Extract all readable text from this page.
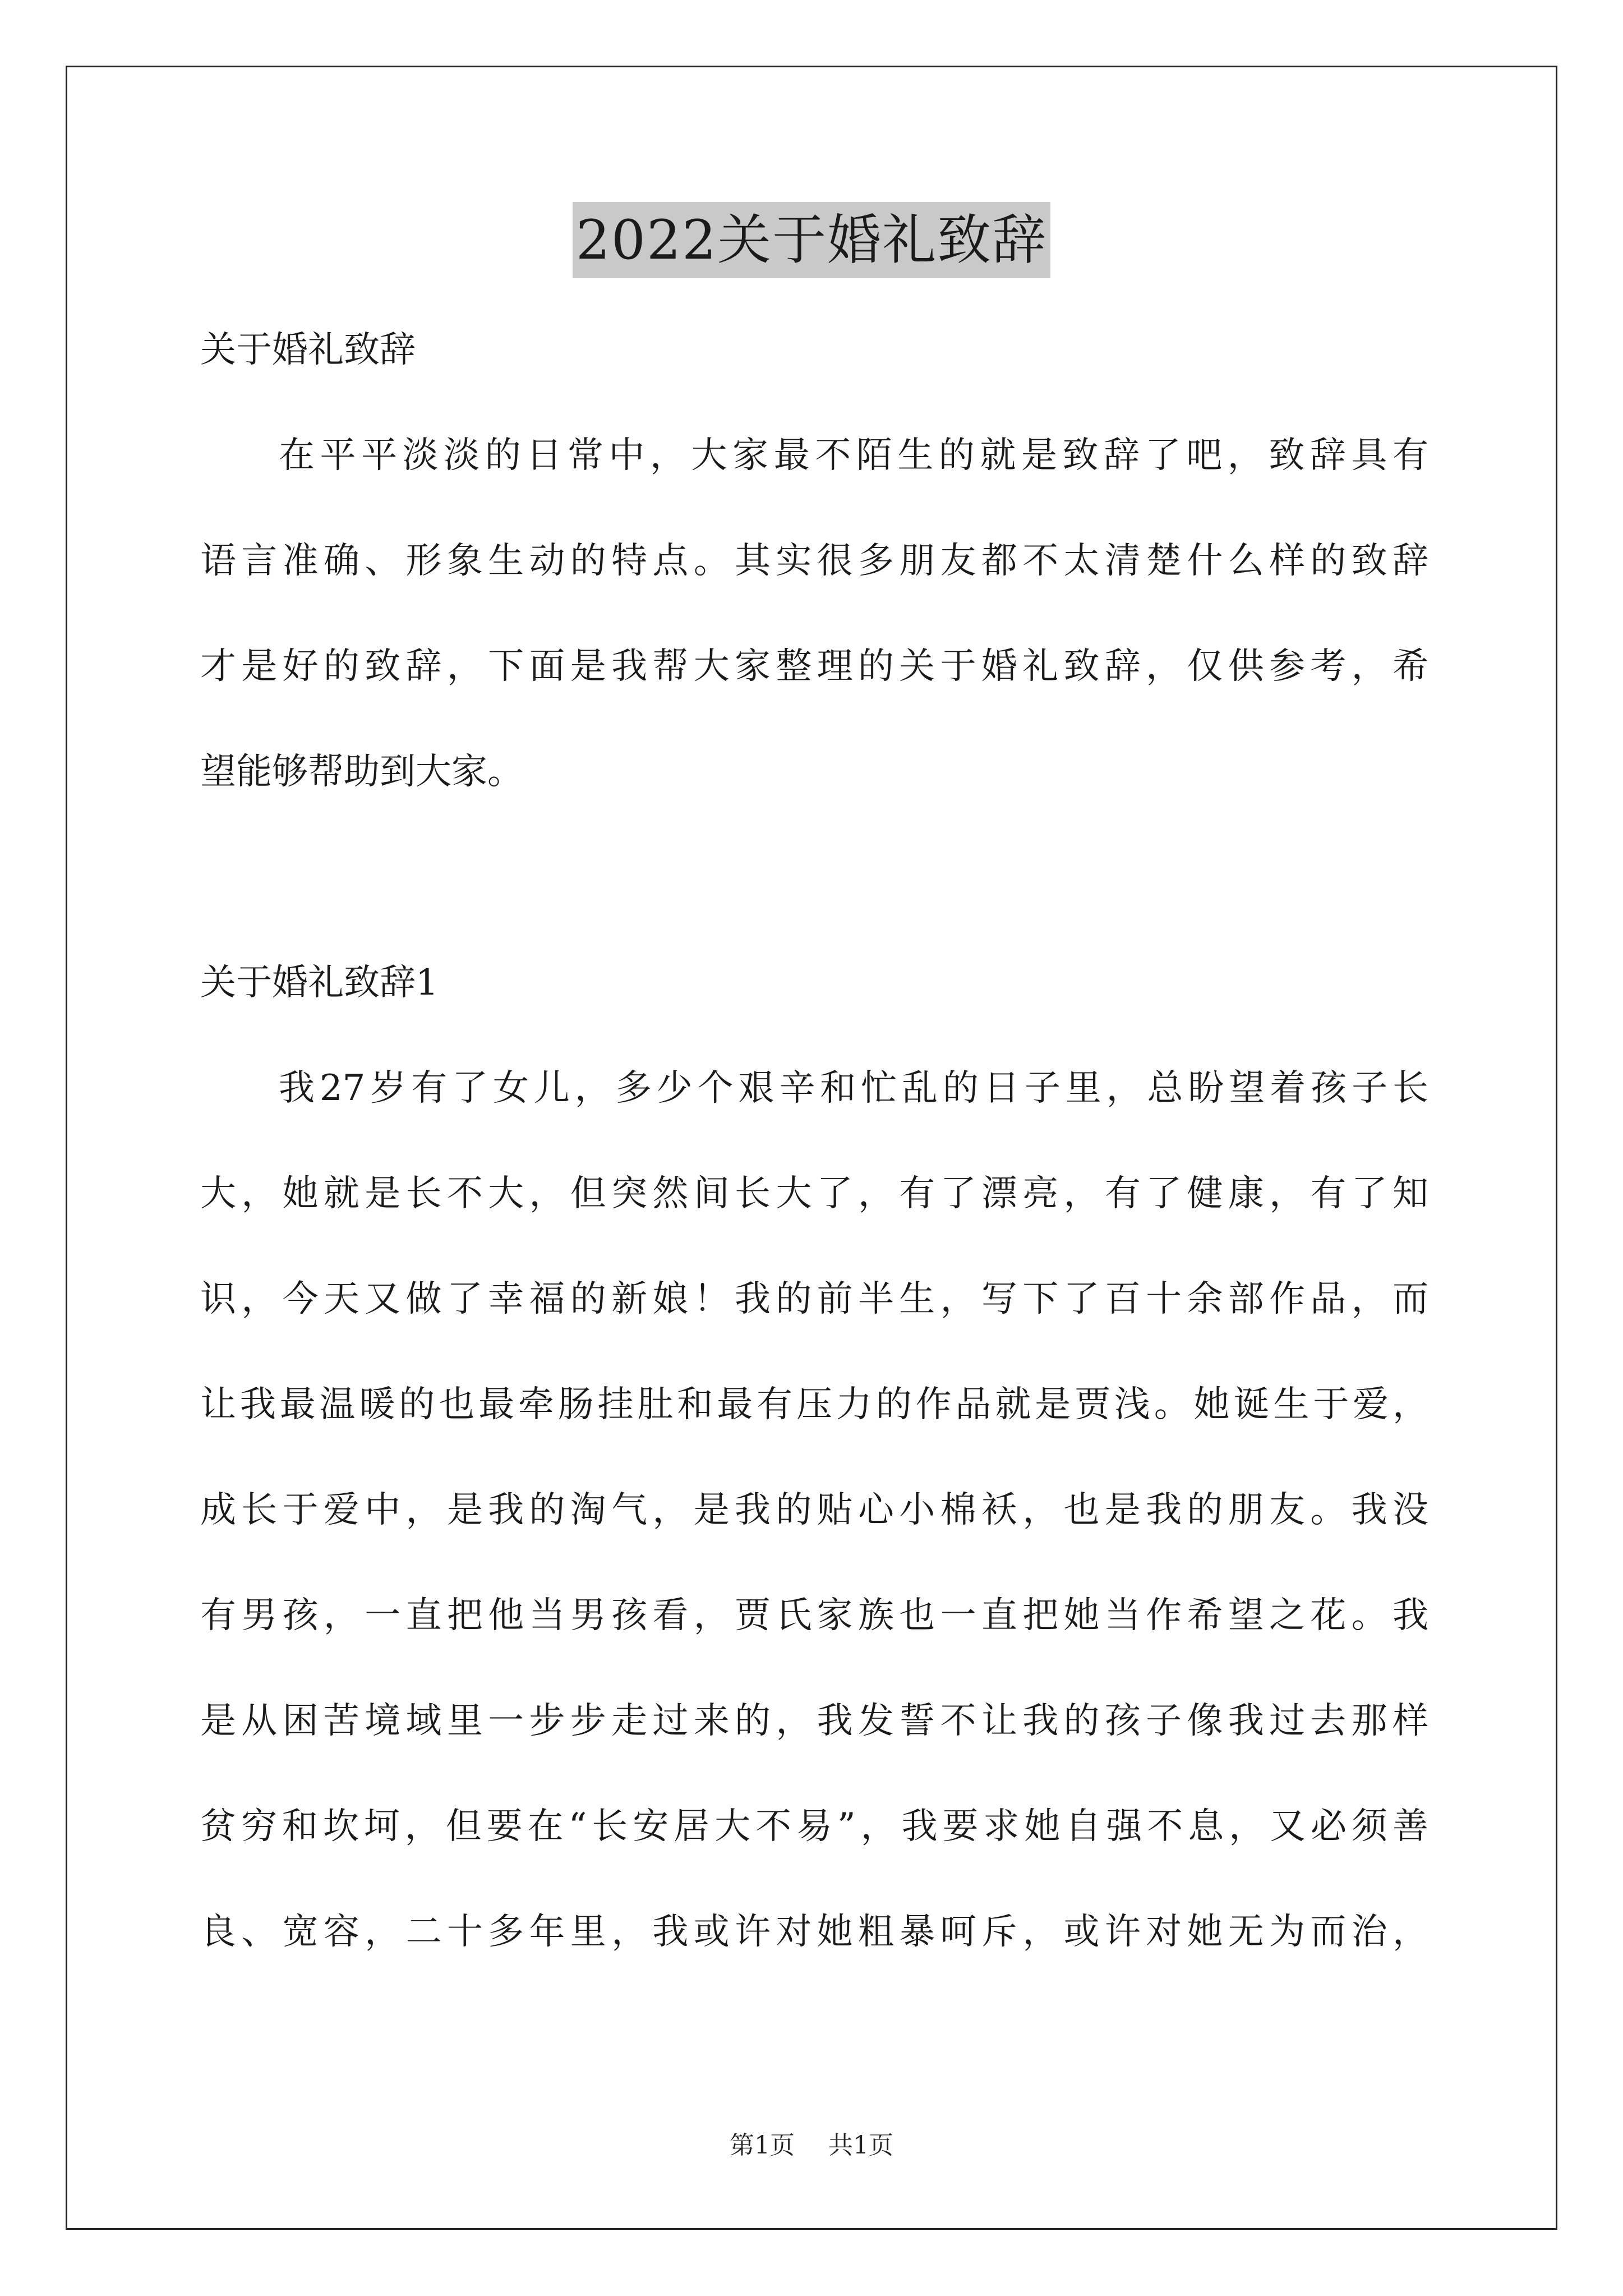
2022关于婚礼致辞
关于婚礼致辞
在平平淡淡的日常中，大家最不陌生的就是致辞了吧，致辞具有
语言准确、形象生动的特点。其实很多朋友都不太清楚什么样的致辞
才是好的致辞，下面是我帮大家整理的关于婚礼致辞，仅供参考，希
望能够帮助到大家。
关于婚礼致辞1
我27岁有了女儿，多少个艰辛和忙乱的日子里，总盼望着孩子长
大，她就是长不大，但突然间长大了，有了漂亮，有了健康，有了知
识，今天又做了幸福的新娘！我的前半生，写下了百十余部作品，而
让我最温暖的也最牵肠挂肚和最有压力的作品就是贾浅。她诞生于爱，
成长于爱中，是我的淘气，是我的贴心小棉袄，也是我的朋友。我没
有男孩，一直把他当男孩看，贾氏家族也一直把她当作希望之花。我
是从困苦境域里一步步走过来的，我发誓不让我的孩子像我过去那样
贫穷和坎坷，但要在“长安居大不易”，我要求她自强不息，又必须善
良、宽容，二十多年里，我或许对她粗暴呵斥，或许对她无为而治，
第1页 共1页
